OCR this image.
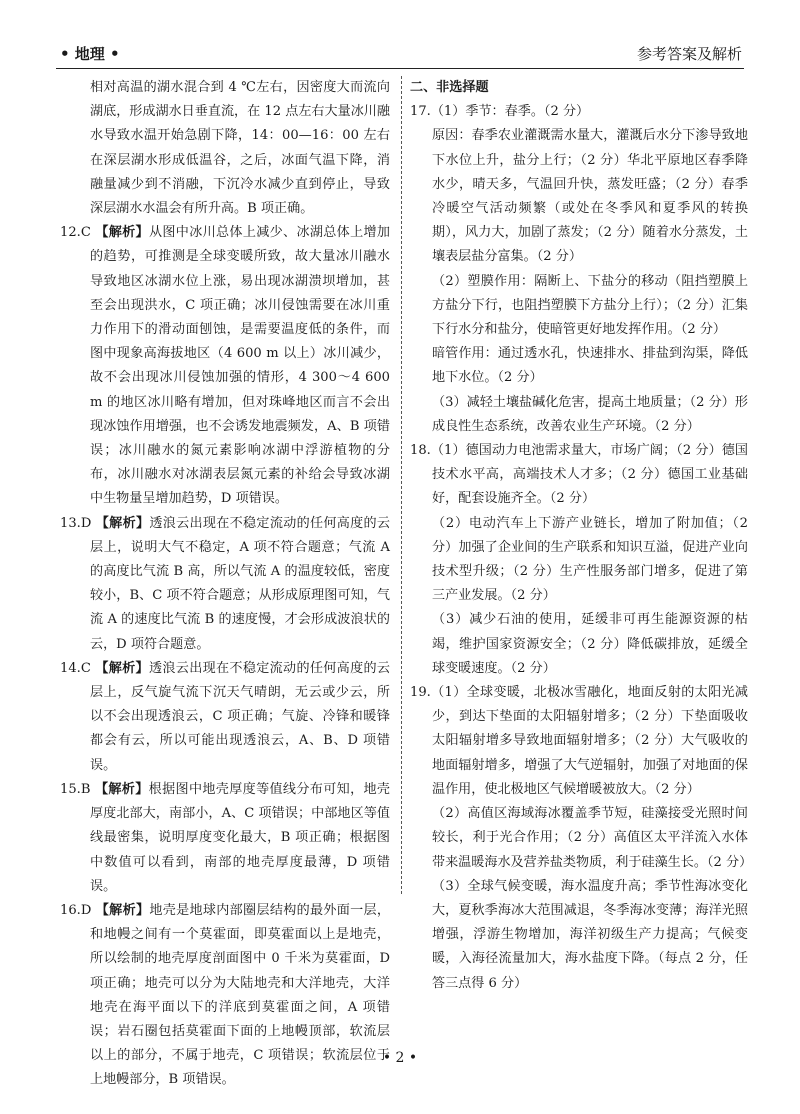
• 地理 •	参考答案及解析

相对高温的湖水混合到 4 ℃左右，因密度大而流向湖底，形成湖水日垂直流，在 12 点左右大量冰川融水导致水温开始急剧下降，14：00—16：00 左右在深层湖水形成低温谷，之后，冰面气温下降，消融量减少到不消融，下沉冷水减少直到停止，导致深层湖水水温会有所升高。B 项正确。

12.C 【解析】从图中冰川总体上减少、冰湖总体上增加的趋势，可推测是全球变暖所致，故大量冰川融水导致地区冰湖水位上涨，易出现冰湖溃坝增加，甚至会出现洪水，C 项正确；冰川侵蚀需要在冰川重力作用下的滑动面刨蚀，是需要温度低的条件，而图中现象高海拔地区（4 600 m 以上）冰川减少，故不会出现冰川侵蚀加强的情形，4 300～4 600 m 的地区冰川略有增加，但对珠峰地区而言不会出现冰蚀作用增强，也不会诱发地震频发，A、B 项错误；冰川融水的氮元素影响冰湖中浮游植物的分布，冰川融水对冰湖表层氮元素的补给会导致冰湖中生物量呈增加趋势，D 项错误。

13.D 【解析】透浪云出现在不稳定流动的任何高度的云层上，说明大气不稳定，A 项不符合题意；气流 A 的高度比气流 B 高，所以气流 A 的温度较低，密度较小，B、C 项不符合题意；从形成原理图可知，气流 A 的速度比气流 B 的速度慢，才会形成波浪状的云，D 项符合题意。

14.C 【解析】透浪云出现在不稳定流动的任何高度的云层上，反气旋气流下沉天气晴朗，无云或少云，所以不会出现透浪云，C 项正确；气旋、冷锋和暖锋都会有云，所以可能出现透浪云，A、B、D 项错误。

15.B 【解析】根据图中地壳厚度等值线分布可知，地壳厚度北部大，南部小，A、C 项错误；中部地区等值线最密集，说明厚度变化最大，B 项正确；根据图中数值可以看到，南部的地壳厚度最薄，D 项错误。

16.D 【解析】地壳是地球内部圈层结构的最外面一层，和地幔之间有一个莫霍面，即莫霍面以上是地壳，所以绘制的地壳厚度剖面图中 0 千米为莫霍面，D 项正确；地壳可以分为大陆地壳和大洋地壳，大洋地壳在海平面以下的洋底到莫霍面之间，A 项错误；岩石圈包括莫霍面下面的上地幔顶部，软流层以上的部分，不属于地壳，C 项错误；软流层位于上地幔部分，B 项错误。

二、非选择题

17.（1）季节：春季。（2 分）

原因：春季农业灌溉需水量大，灌溉后水分下渗导致地下水位上升，盐分上行；（2 分）华北平原地区春季降水少，晴天多，气温回升快，蒸发旺盛；（2 分）春季冷暖空气活动频繁（或处在冬季风和夏季风的转换期），风力大，加剧了蒸发；（2 分）随着水分蒸发，土壤表层盐分富集。（2 分）

（2）塑膜作用：隔断上、下盐分的移动（阻挡塑膜上方盐分下行，也阻挡塑膜下方盐分上行）；（2 分）汇集下行水分和盐分，使暗管更好地发挥作用。（2 分）

暗管作用：通过透水孔，快速排水、排盐到沟渠，降低地下水位。（2 分）

（3）减轻土壤盐碱化危害，提高土地质量；（2 分）形成良性生态系统，改善农业生产环境。（2 分）

18.（1）德国动力电池需求量大，市场广阔；（2 分）德国技术水平高，高端技术人才多；（2 分）德国工业基础好，配套设施齐全。（2 分）

（2）电动汽车上下游产业链长，增加了附加值；（2 分）加强了企业间的生产联系和知识互溢，促进产业向技术型升级；（2 分）生产性服务部门增多，促进了第三产业发展。（2 分）

（3）减少石油的使用，延缓非可再生能源资源的枯竭，维护国家资源安全；（2 分）降低碳排放，延缓全球变暖速度。（2 分）

19.（1）全球变暖，北极冰雪融化，地面反射的太阳光减少，到达下垫面的太阳辐射增多；（2 分）下垫面吸收太阳辐射增多导致地面辐射增多；（2 分）大气吸收的地面辐射增多，增强了大气逆辐射，加强了对地面的保温作用，使北极地区气候增暖被放大。（2 分）

（2）高值区海域海冰覆盖季节短，硅藻接受光照时间较长，利于光合作用；（2 分）高值区太平洋流入水体带来温暖海水及营养盐类物质，利于硅藻生长。（2 分）

（3）全球气候变暖，海水温度升高；季节性海冰变化大，夏秋季海冰大范围减退，冬季海冰变薄；海洋光照增强，浮游生物增加，海洋初级生产力提高；气候变暖，入海径流量加大，海水盐度下降。（每点 2 分，任答三点得 6 分）

• 2 •
